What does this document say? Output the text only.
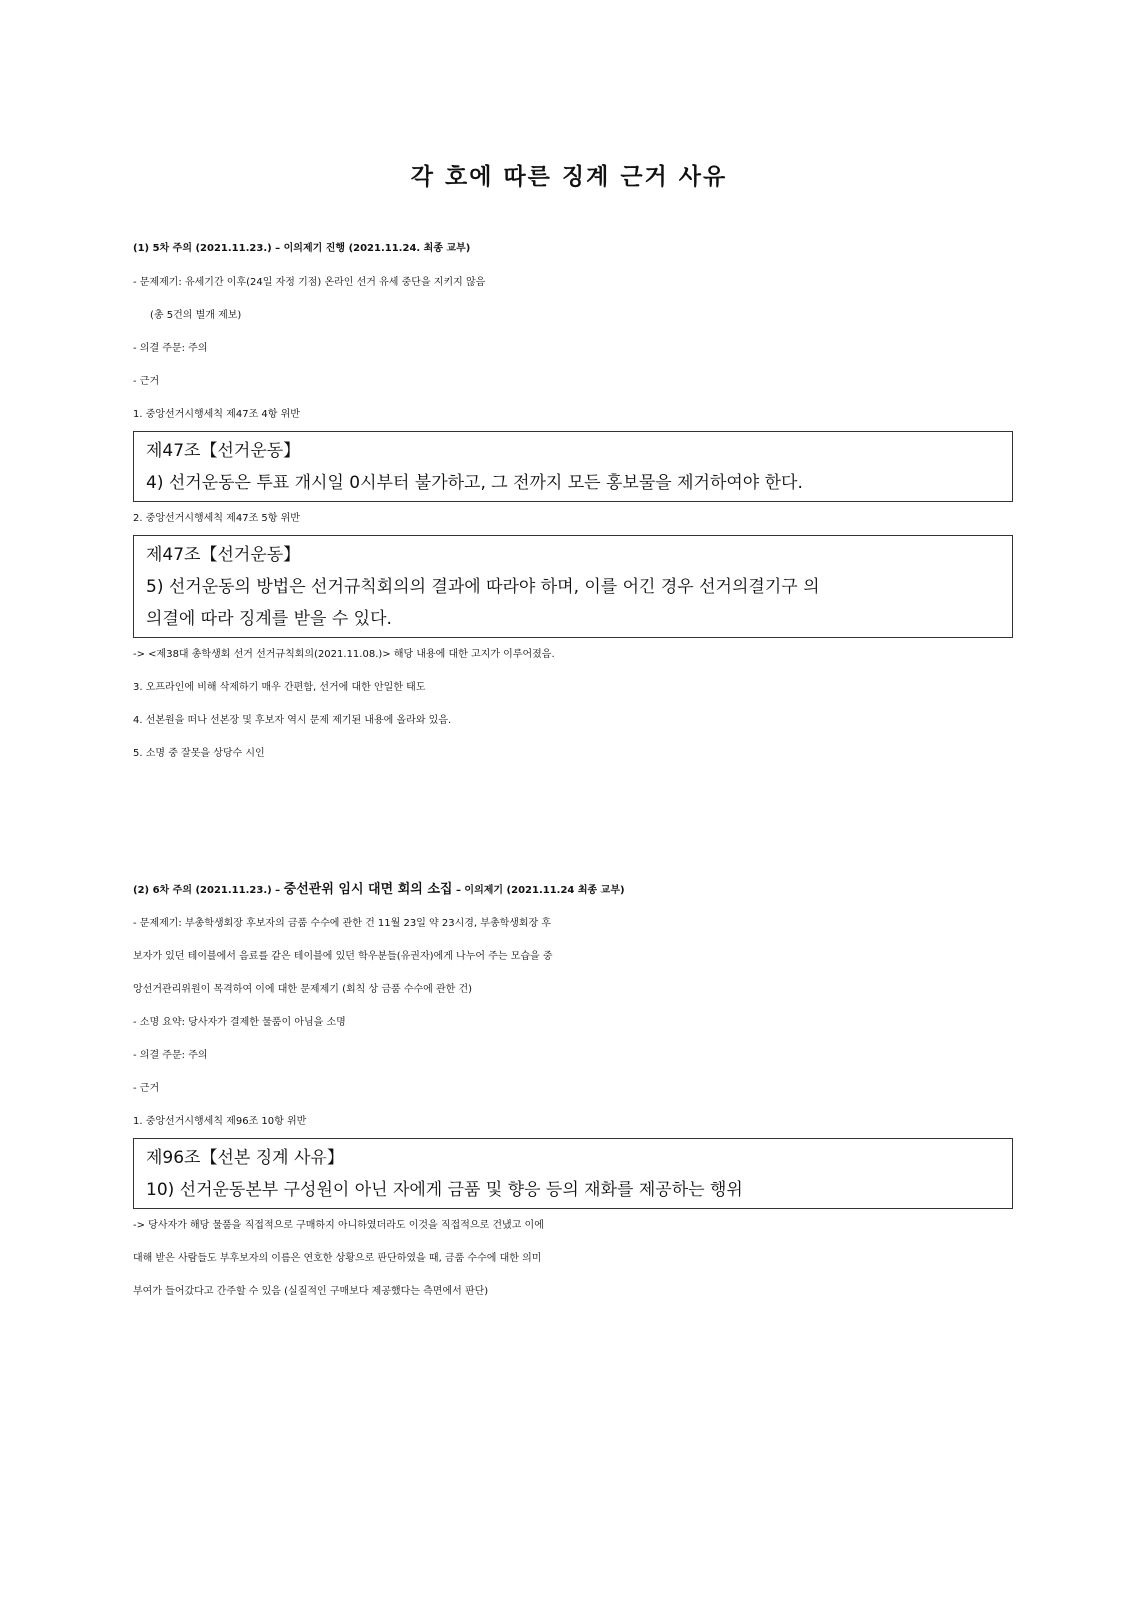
각 호에 따른 징계 근거 사유

(1) 5차 주의 (2021.11.23.) – 이의제기 진행 (2021.11.24. 최종 교부)

- 문제제기: 유세기간 이후(24일 자정 기점) 온라인 선거 유세 중단을 지키지 않음

(총 5건의 별개 제보)

- 의결 주문: 주의

- 근거

1. 중앙선거시행세칙 제47조 4항 위반

제47조【선거운동】

4) 선거운동은 투표 개시일 0시부터 불가하고, 그 전까지 모든 홍보물을 제거하여야 한다.

2. 중앙선거시행세칙 제47조 5항 위반

제47조【선거운동】

5) 선거운동의 방법은 선거규칙회의의 결과에 따라야 하며, 이를 어긴 경우 선거의결기구 의

의결에 따라 징계를 받을 수 있다.

-> <제38대 총학생회 선거 선거규칙회의(2021.11.08.)> 해당 내용에 대한 고지가 이루어졌음.

3. 오프라인에 비해 삭제하기 매우 간편함, 선거에 대한 안일한 태도

4. 선본원을 떠나 선본장 및 후보자 역시 문제 제기된 내용에 올라와 있음.

5. 소명 중 잘못을 상당수 시인

(2) 6차 주의 (2021.11.23.) – 중선관위 임시 대면 회의 소집 – 이의제기 (2021.11.24 최종 교부)

- 문제제기: 부총학생회장 후보자의 금품 수수에 관한 건 11월 23일 약 23시경, 부총학생회장 후

보자가 있던 테이블에서 음료를 같은 테이블에 있던 학우분들(유권자)에게 나누어 주는 모습을 중

앙선거관리위원이 목격하여 이에 대한 문제제기 (회칙 상 금품 수수에 관한 건)

- 소명 요약: 당사자가 결제한 물품이 아님을 소명

- 의결 주문: 주의

- 근거

1. 중앙선거시행세칙 제96조 10항 위반

제96조【선본 징계 사유】

10) 선거운동본부 구성원이 아닌 자에게 금품 및 향응 등의 재화를 제공하는 행위

-> 당사자가 해당 물품을 직접적으로 구매하지 아니하였더라도 이것을 직접적으로 건냈고 이에

대해 받은 사람들도 부후보자의 이름은 연호한 상황으로 판단하였을 때, 금품 수수에 대한 의미

부여가 들어갔다고 간주할 수 있음 (실질적인 구매보다 제공했다는 측면에서 판단)
